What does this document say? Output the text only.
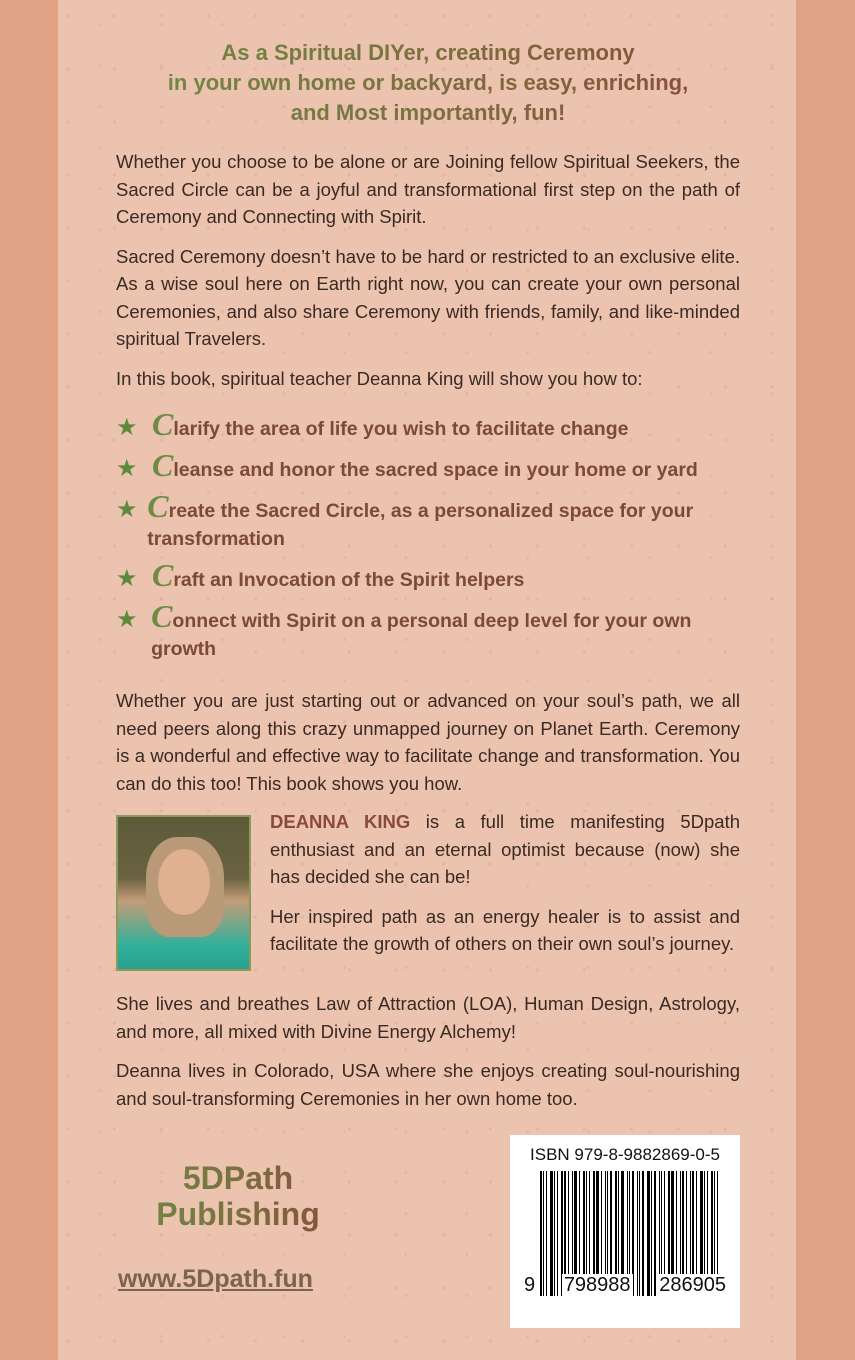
As a Spiritual DIYer, creating Ceremony
in your own home or backyard, is easy, enriching,
and Most importantly, fun!

Whether you choose to be alone or are Joining fellow Spiritual Seekers, the Sacred Circle can be a joyful and transformational first step on the path of Ceremony and Connecting with Spirit.

Sacred Ceremony doesn’t have to be hard or restricted to an exclusive elite. As a wise soul here on Earth right now, you can create your own personal Ceremonies, and also share Ceremony with friends, family, and like-minded spiritual Travelers.

In this book, spiritual teacher Deanna King will show you how to:

★ Clarify the area of life you wish to facilitate change
★ Cleanse and honor the sacred space in your home or yard
★ Create the Sacred Circle, as a personalized space for your transformation
★ Craft an Invocation of the Spirit helpers
★ Connect with Spirit on a personal deep level for your own growth

Whether you are just starting out or advanced on your soul’s path, we all need peers along this crazy unmapped journey on Planet Earth. Ceremony is a wonderful and effective way to facilitate change and transformation. You can do this too! This book shows you how.

DEANNA KING is a full time manifesting 5Dpath enthusiast and an eternal optimist because (now) she has decided she can be!

Her inspired path as an energy healer is to assist and facilitate the growth of others on their own soul’s journey.

She lives and breathes Law of Attraction (LOA), Human Design, Astrology, and more, all mixed with Divine Energy Alchemy!

Deanna lives in Colorado, USA where she enjoys creating soul-nourishing and soul-transforming Ceremonies in her own home too.

5DPath
Publishing
www.5Dpath.fun
ISBN 979-8-9882869-0-5
9 798988 286905
